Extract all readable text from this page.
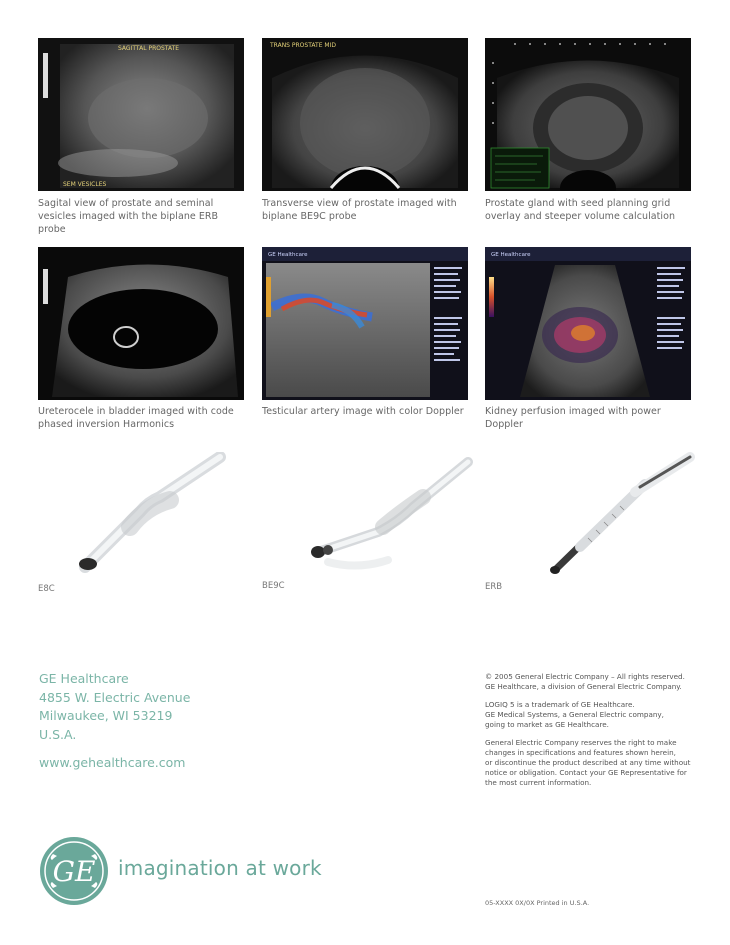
SAGITTAL PROSTATE
SEM VESICLES
Sagital view of prostate and seminal vesicles imaged with the biplane ERB probe
TRANS PROSTATE MID
Transverse view of prostate imaged with biplane BE9C probe
Prostate gland with seed planning grid overlay and steeper volume calculation
Ureterocele in bladder imaged with code phased inversion Harmonics
GE Healthcare
Testicular artery image with color Doppler
GE Healthcare
Kidney perfusion imaged with power Doppler
E8C	BE9C	ERB
GE Healthcare
4855 W. Electric Avenue
Milwaukee, WI 53219
U.S.A.
www.gehealthcare.com

© 2005 General Electric Company – All rights reserved.
GE Healthcare, a division of General Electric Company.

LOGIQ 5 is a trademark of GE Healthcare.
GE Medical Systems, a General Electric company,
going to market as GE Healthcare.

General Electric Company reserves the right to make
changes in specifications and features shown herein,
or discontinue the product described at any time without
notice or obligation. Contact your GE Representative for
the most current information.

GE imagination at work
05-XXXX 0X/0X Printed in U.S.A.
